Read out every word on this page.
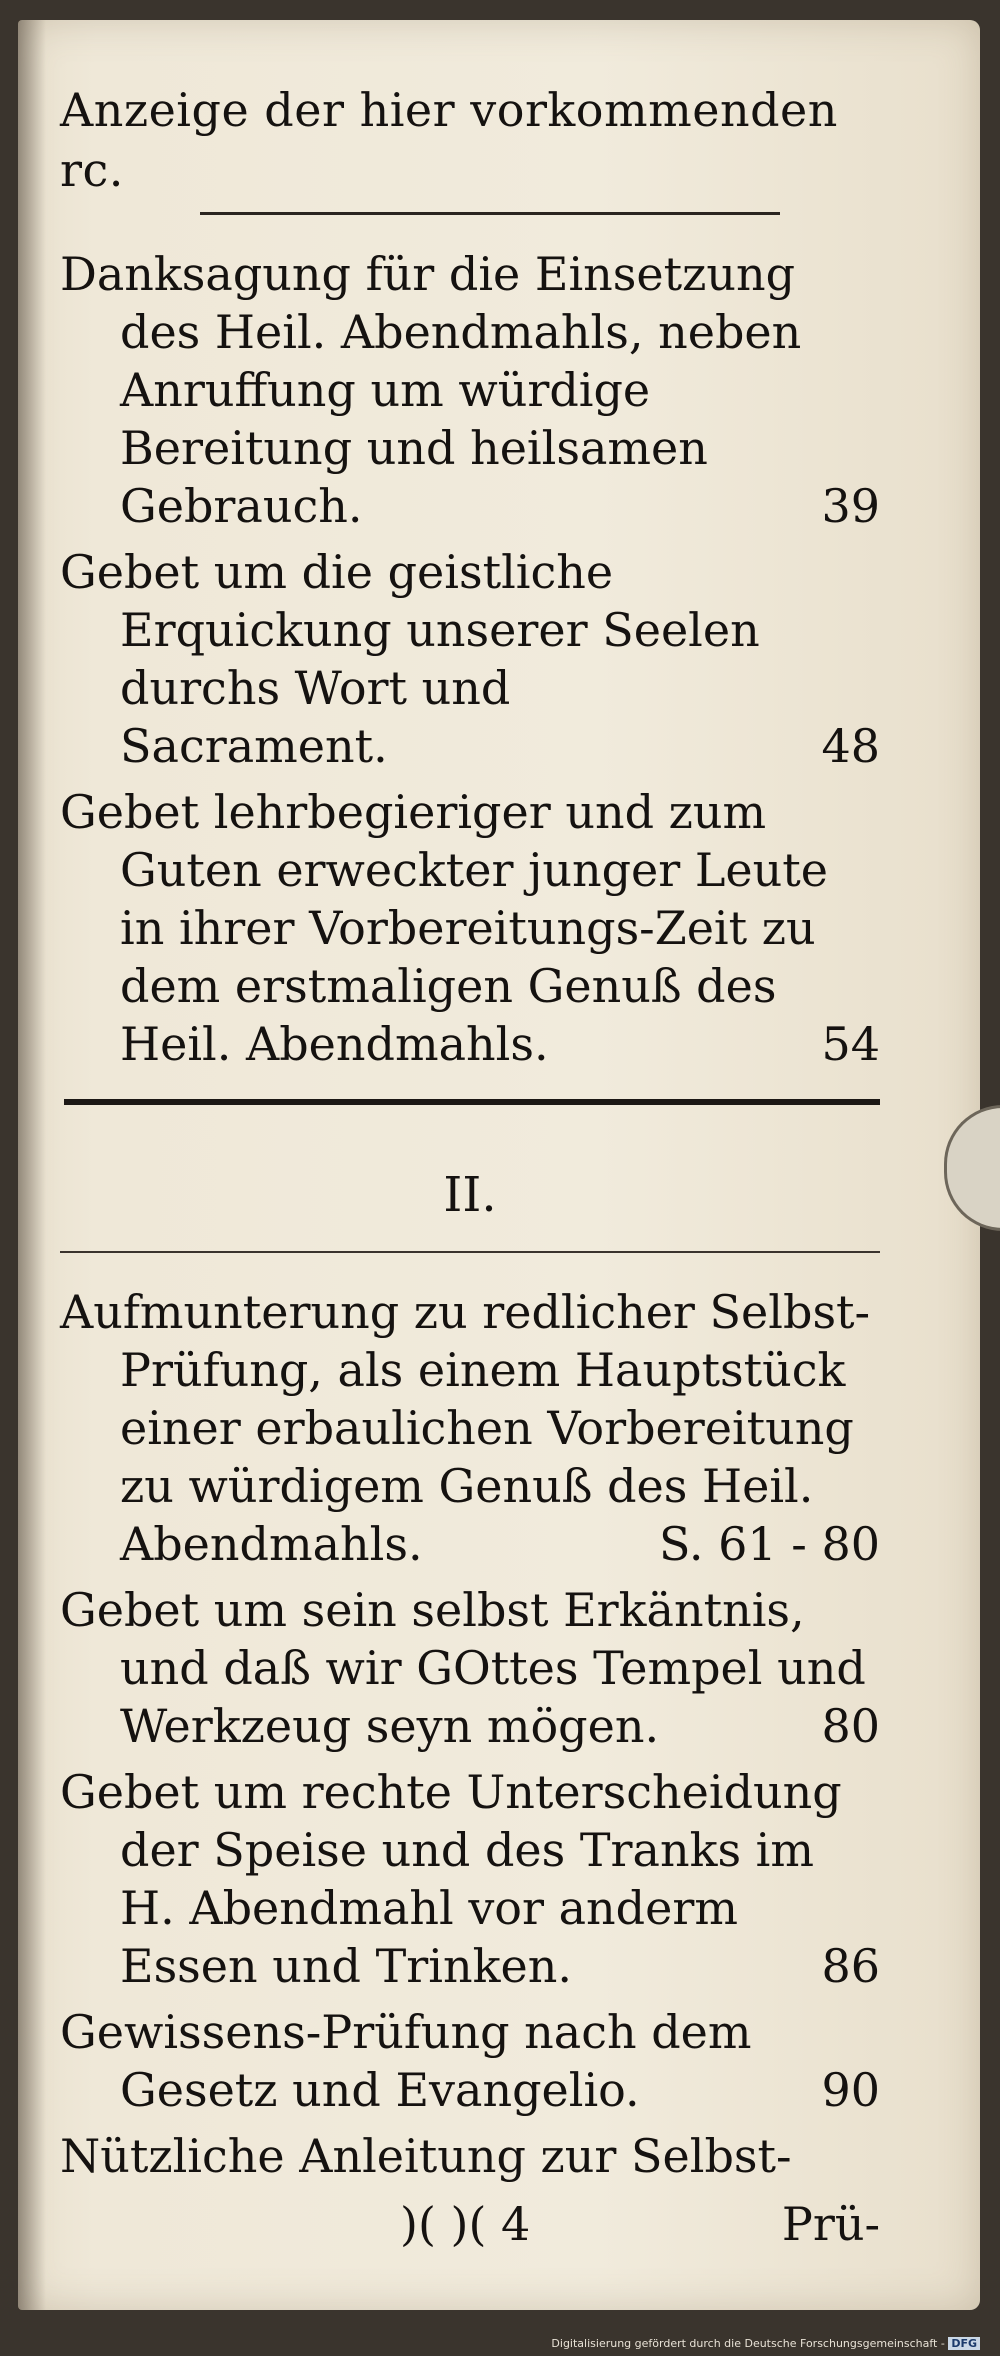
Anzeige der hier vorkommenden rc.
Danksagung für die Einsetzung des Heil. Abendmahls, neben Anruffung um würdige Bereitung und heilsamen Gebrauch.	39
Gebet um die geistliche Erquickung unserer Seelen durchs Wort und Sacrament.	48
Gebet lehrbegieriger und zum Guten erweckter junger Leute in ihrer Vorbereitungs-Zeit zu dem erstmaligen Genuß des Heil. Abendmahls.	54
II.
Aufmunterung zu redlicher Selbst-Prüfung, als einem Hauptstück einer erbaulichen Vorbereitung zu würdigem Genuß des Heil. Abendmahls.	S. 61 - 80
Gebet um sein selbst Erkäntnis, und daß wir GOttes Tempel und Werkzeug seyn mögen.	80
Gebet um rechte Unterscheidung der Speise und des Tranks im H. Abendmahl vor anderm Essen und Trinken.	86
Gewissens-Prüfung nach dem Gesetz und Evangelio.	90
Nützliche Anleitung zur Selbst-
)( )( 4	Prü-
Digitalisierung gefördert durch die Deutsche Forschungsgemeinschaft - DFG
